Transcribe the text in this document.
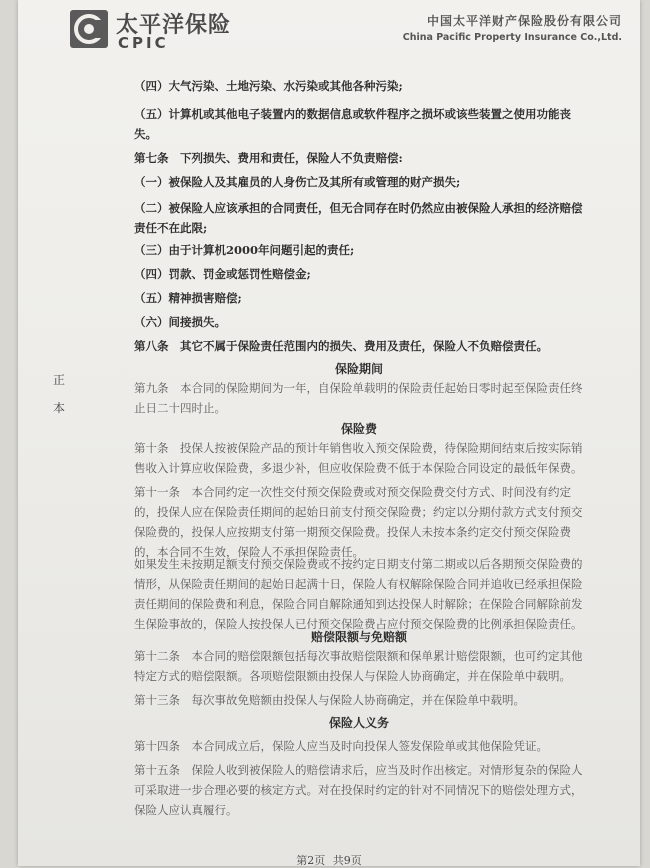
太平洋保险
CPIC
中国太平洋财产保险股份有限公司
China Pacific Property Insurance Co.,Ltd.
正
本
（四）大气污染、土地污染、水污染或其他各种污染;
（五）计算机或其他电子装置内的数据信息或软件程序之损坏或该些装置之使用功能丧失。
第七条　下列损失、费用和责任，保险人不负责赔偿:
（一）被保险人及其雇员的人身伤亡及其所有或管理的财产损失;
（二）被保险人应该承担的合同责任，但无合同存在时仍然应由被保险人承担的经济赔偿责任不在此限;
（三）由于计算机2000年问题引起的责任;
（四）罚款、罚金或惩罚性赔偿金;
（五）精神损害赔偿;
（六）间接损失。
第八条　其它不属于保险责任范围内的损失、费用及责任，保险人不负赔偿责任。
保险期间
第九条　本合同的保险期间为一年，自保险单载明的保险责任起始日零时起至保险责任终止日二十四时止。
保险费
第十条　投保人按被保险产品的预计年销售收入预交保险费，待保险期间结束后按实际销售收入计算应收保险费，多退少补，但应收保险费不低于本保险合同设定的最低年保费。
第十一条　本合同约定一次性交付预交保险费或对预交保险费交付方式、时间没有约定的，投保人应在保险责任期间的起始日前支付预交保险费；约定以分期付款方式支付预交保险费的，投保人应按期支付第一期预交保险费。投保人未按本条约定交付预交保险费的，本合同不生效，保险人不承担保险责任。
如果发生未按期足额支付预交保险费或不按约定日期支付第二期或以后各期预交保险费的情形，从保险责任期间的起始日起满十日，保险人有权解除保险合同并追收已经承担保险责任期间的保险费和利息，保险合同自解除通知到达投保人时解除；在保险合同解除前发生保险事故的，保险人按投保人已付预交保险费占应付预交保险费的比例承担保险责任。
赔偿限额与免赔额
第十二条　本合同的赔偿限额包括每次事故赔偿限额和保单累计赔偿限额，也可约定其他特定方式的赔偿限额。各项赔偿限额由投保人与保险人协商确定，并在保险单中载明。
第十三条　每次事故免赔额由投保人与保险人协商确定，并在保险单中载明。
保险人义务
第十四条　本合同成立后，保险人应当及时向投保人签发保险单或其他保险凭证。
第十五条　保险人收到被保险人的赔偿请求后，应当及时作出核定。对情形复杂的保险人可采取进一步合理必要的核定方式。对在投保时约定的针对不同情况下的赔偿处理方式，保险人应认真履行。
第2页 共9页
